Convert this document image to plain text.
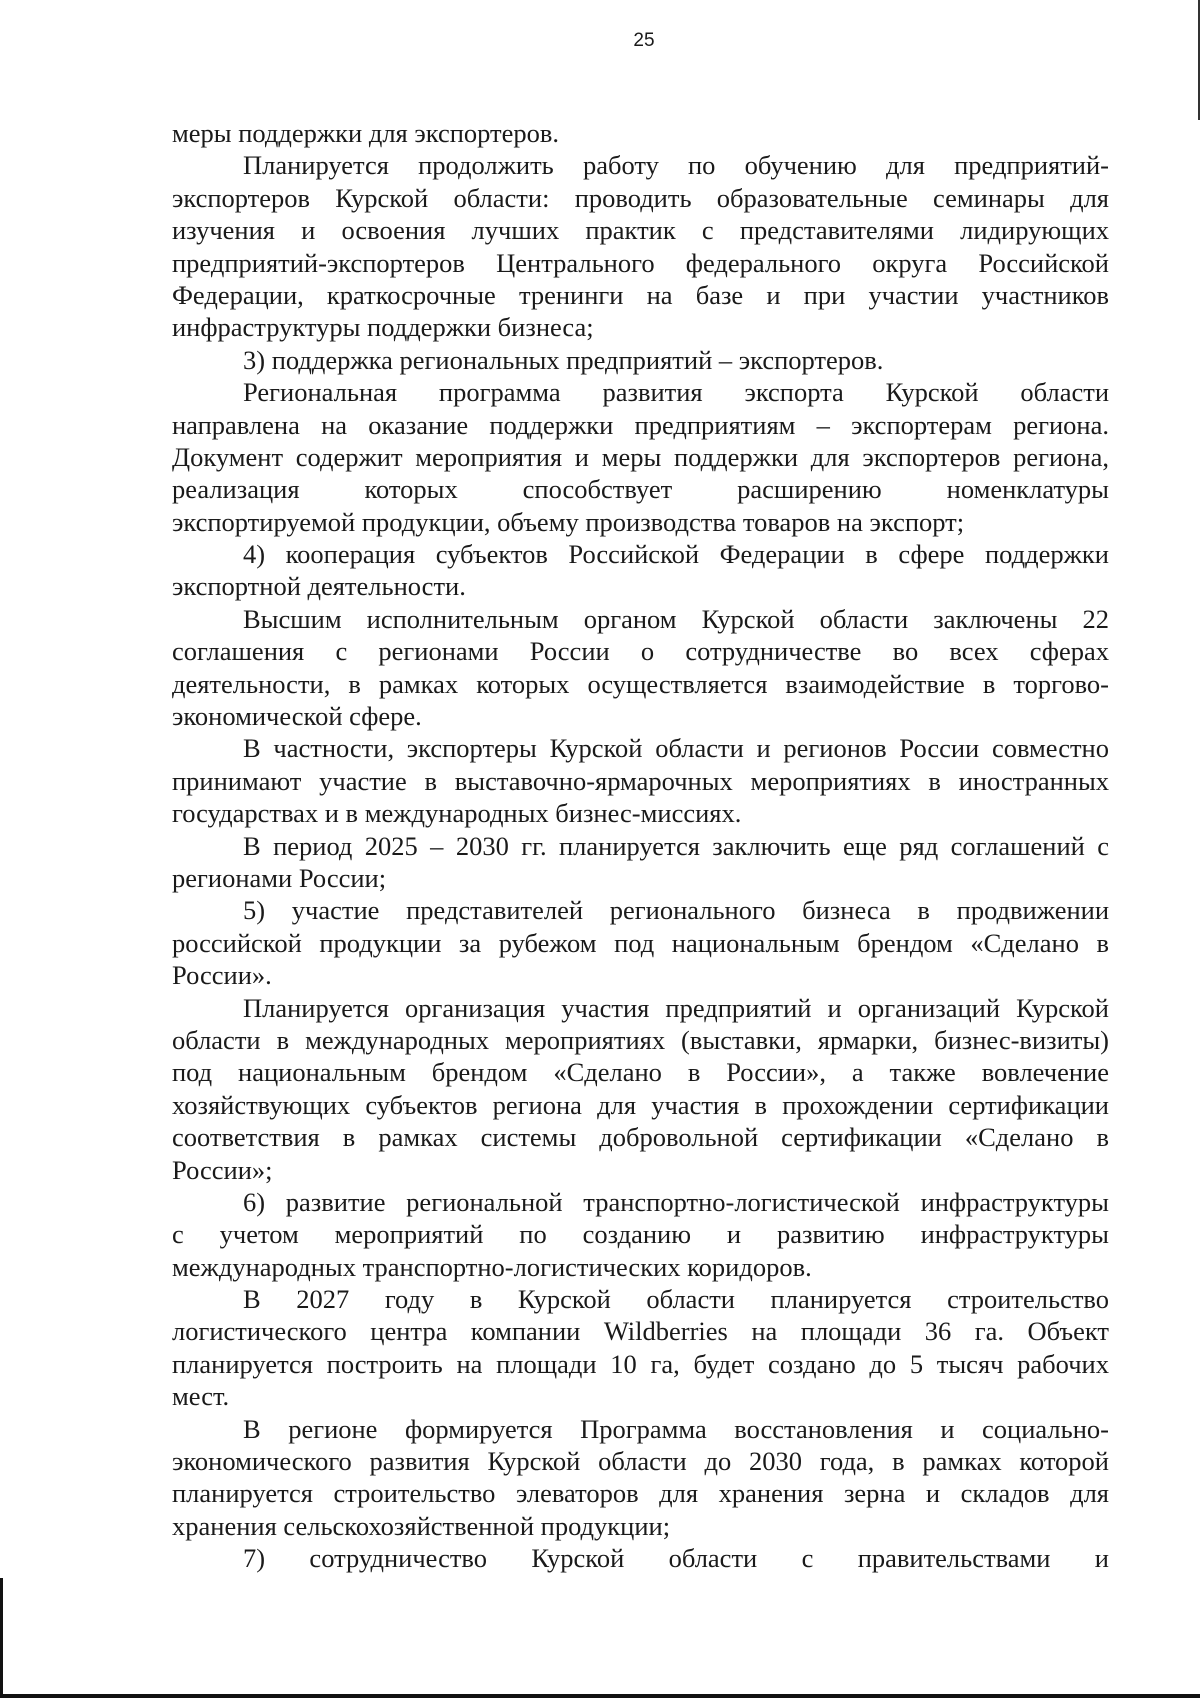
25
меры поддержки для экспортеров.
Планируется продолжить работу по обучению для предприятий-
экспортеров Курской области: проводить образовательные семинары для
изучения и освоения лучших практик с представителями лидирующих
предприятий-экспортеров Центрального федерального округа Российской
Федерации, краткосрочные тренинги на базе и при участии участников
инфраструктуры поддержки бизнеса;
3) поддержка региональных предприятий – экспортеров.
Региональная программа развития экспорта Курской области
направлена на оказание поддержки предприятиям – экспортерам региона.
Документ содержит мероприятия и меры поддержки для экспортеров региона,
реализация которых способствует расширению номенклатуры
экспортируемой продукции, объему производства товаров на экспорт;
4) кооперация субъектов Российской Федерации в сфере поддержки
экспортной деятельности.
Высшим исполнительным органом Курской области заключены 22
соглашения с регионами России о сотрудничестве во всех сферах
деятельности, в рамках которых осуществляется взаимодействие в торгово-
экономической сфере.
В частности, экспортеры Курской области и регионов России совместно
принимают участие в выставочно-ярмарочных мероприятиях в иностранных
государствах и в международных бизнес-миссиях.
В период 2025 – 2030 гг. планируется заключить еще ряд соглашений с
регионами России;
5) участие представителей регионального бизнеса в продвижении
российской продукции за рубежом под национальным брендом «Сделано в
России».
Планируется организация участия предприятий и организаций Курской
области в международных мероприятиях (выставки, ярмарки, бизнес-визиты)
под национальным брендом «Сделано в России», а также вовлечение
хозяйствующих субъектов региона для участия в прохождении сертификации
соответствия в рамках системы добровольной сертификации «Сделано в
России»;
6) развитие региональной транспортно-логистической инфраструктуры
с учетом мероприятий по созданию и развитию инфраструктуры
международных транспортно-логистических коридоров.
В 2027 году в Курской области планируется строительство
логистического центра компании Wildberries на площади 36 га. Объект
планируется построить на площади 10 га, будет создано до 5 тысяч рабочих
мест.
В регионе формируется Программа восстановления и социально-
экономического развития Курской области до 2030 года, в рамках которой
планируется строительство элеваторов для хранения зерна и складов для
хранения сельскохозяйственной продукции;
7) сотрудничество Курской области с правительствами и
